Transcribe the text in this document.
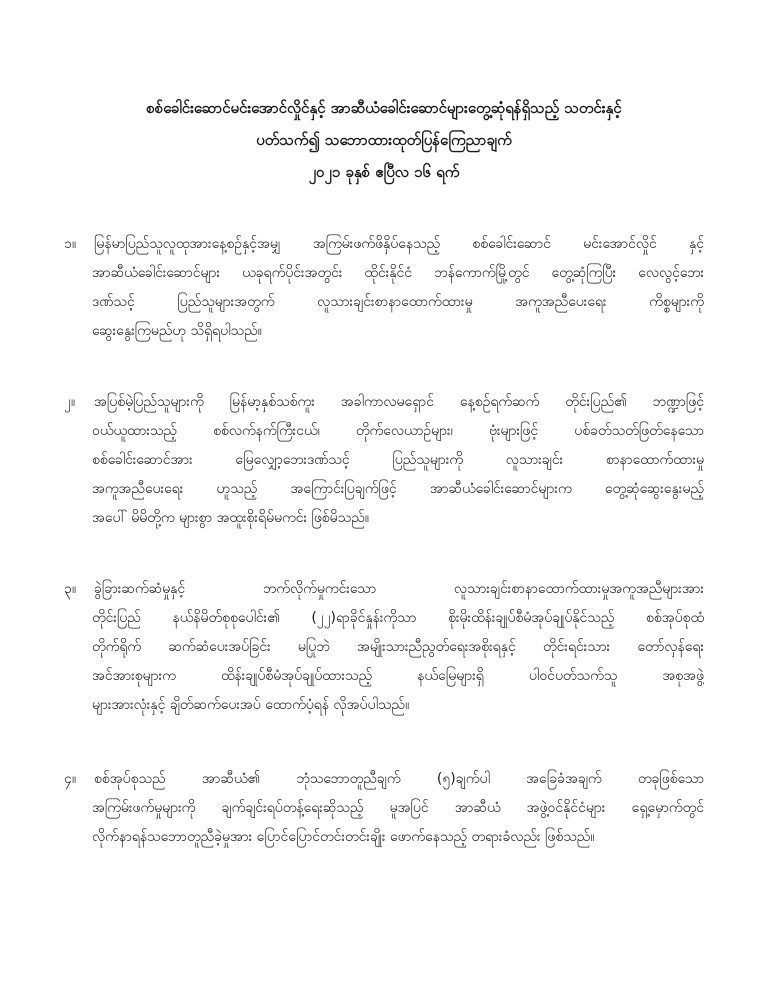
စစ်ခေါင်းဆောင်မင်းအောင်လှိုင်နှင့် အာဆီယံခေါင်းဆောင်များတွေ့ဆုံရန်ရှိသည့် သတင်းနှင့်
ပတ်သက်၍ သဘောထားထုတ်ပြန်ကြေညာချက်
၂၀၂၁ ခုနှစ် ဧပြီလ ၁၆ ရက်
၁။	မြန်မာပြည်သူလူထုအားနေ့စဉ်နှင့်အမျှ အကြမ်းဖက်ဖိနှိပ်နေသည့် စစ်ခေါင်းဆောင် မင်းအောင်လှိုင် နှင့်
အာဆီယံခေါင်းဆောင်များ ယခုရက်ပိုင်းအတွင်း ထိုင်းနိုင်ငံ ဘန်ကောက်မြို့တွင် တွေ့ဆုံကြပြီး လေလွင့်ဘေး
ဒဏ်သင့် ပြည်သူများအတွက် လူသားချင်းစာနာထောက်ထားမှု အကူအညီပေးရေး ကိစ္စများကို
ဆွေးနွေးကြမည်ဟု သိရှိရပါသည်။
၂။	အပြစ်မဲ့ပြည်သူများကို မြန်မာ့နှစ်သစ်ကူး အခါကာလမရှောင် နေ့စဉ်ရက်ဆက် တိုင်းပြည်၏ ဘဏ္ဍာဖြင့်
ဝယ်ယူထားသည့် စစ်လက်နက်ကြီးငယ်၊ တိုက်လေယာဉ်များ၊ ဗုံးများဖြင့် ပစ်ခတ်သတ်ဖြတ်နေသော
စစ်ခေါင်းဆောင်အား မြေလျှော့ဘေးဒဏ်သင့် ပြည်သူများကို လူသားချင်း စာနာထောက်ထားမှု
အကူအညီပေးရေး ဟူသည့် အကြောင်းပြချက်ဖြင့် အာဆီယံခေါင်းဆောင်များက တွေ့ဆုံဆွေးနွေးမည့်
အပေါ် မိမိတို့က များစွာ အထူးစိုးရိမ်မကင်း ဖြစ်မိသည်။
၃။	ခွဲခြားဆက်ဆံမှုနှင့် ဘက်လိုက်မှုကင်းသော လူသားချင်းစာနာထောက်ထားမှုအကူအညီများအား
တိုင်းပြည် နယ်နိမိတ်စုစုပေါင်း၏ (၂၂)ရာခိုင်နှုန်းကိုသာ စိုးမိုးထိန်းချုပ်စီမံအုပ်ချုပ်နိုင်သည့် စစ်အုပ်စုထံ
တိုက်ရိုက် ဆက်ဆံပေးအပ်ခြင်း မပြုဘဲ အမျိုးသားညီညွတ်ရေးအစိုးရနှင့် တိုင်းရင်းသား တော်လှန်ရေး
အင်အားစုများက ထိန်းချုပ်စီမံအုပ်ချုပ်ထားသည့် နယ်မြေများရှိ ပါဝင်ပတ်သက်သူ အစုအဖွဲ့
များအားလုံးနှင့် ချိတ်ဆက်ပေးအပ် ထောက်ပံ့ရန် လိုအပ်ပါသည်။
၄။	စစ်အုပ်စုသည် အာဆီယံ၏ ဘုံသဘောတူညီချက် (၅)ချက်ပါ အခြေခံအချက် တခုဖြစ်သော
အကြမ်းဖက်မှုများကို ချက်ချင်းရပ်တန့်ရေးဆိုသည့် မူအပြင် အာဆီယံ အဖွဲ့ဝင်နိုင်ငံများ ရှေ့မှောက်တွင်
လိုက်နာရန်သဘောတူညီခဲ့မှုအား ပြောင်ပြောင်တင်းတင်းချိုး ဖောက်နေသည့် တရားခံလည်း ဖြစ်သည်။
